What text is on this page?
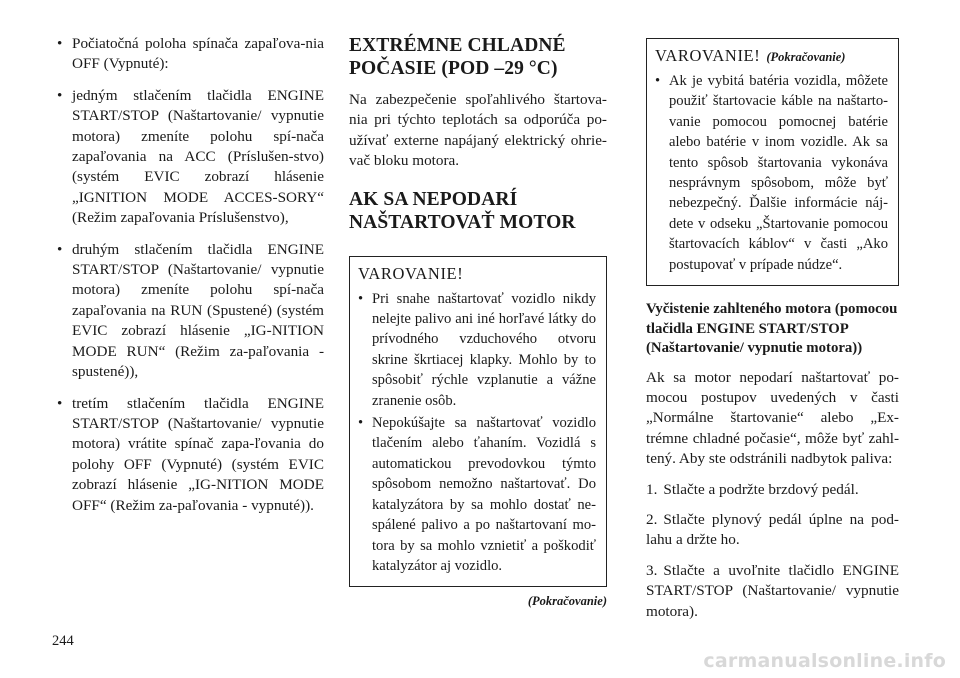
• Počiatočná poloha spínača zapaľova-nia OFF (Vypnuté):
• jedným stlačením tlačidla ENGINE START/STOP (Naštartovanie/ vypnutie motora) zmeníte polohu spí-nača zapaľovania na ACC (Príslušen-stvo) (systém EVIC zobrazí hlásenie „IGNITION MODE ACCES-SORY“ (Režim zapaľovania Príslušenstvo),
• druhým stlačením tlačidla ENGINE START/STOP (Naštartovanie/ vypnutie motora) zmeníte polohu spí-nača zapaľovania na RUN (Spustené) (systém EVIC zobrazí hlásenie „IG-NITION MODE RUN“ (Režim za-paľovania - spustené)),
• tretím stlačením tlačidla ENGINE START/STOP (Naštartovanie/ vypnutie motora) vrátite spínač zapa-ľovania do polohy OFF (Vypnuté) (systém EVIC zobrazí hlásenie „IG-NITION MODE OFF“ (Režim za-paľovania - vypnuté)).
EXTRÉMNE CHLADNÉ
POČASIE (POD –29 °C)

Na zabezpečenie spoľahlivého štartova-nia pri týchto teplotách sa odporúča po-užívať externe napájaný elektrický ohrie-vač bloku motora.

AK SA NEPODARÍ
NAŠTARTOVAŤ MOTOR
VAROVANIE!
• Pri snahe naštartovať vozidlo nikdy nelejte palivo ani iné horľavé látky do prívodného vzduchového otvoru skrine škrtiacej klapky. Mohlo by to spôsobiť rýchle vzplanutie a vážne zranenie osôb.
• Nepokúšajte sa naštartovať vozidlo tlačením alebo ťahaním. Vozidlá s automatickou prevodovkou týmto spôsobom nemožno naštartovať. Do katalyzátora by sa mohlo dostať ne-spálené palivo a po naštartovaní mo-tora by sa mohlo vznietiť a poškodiť katalyzátor aj vozidlo.
(Pokračovanie)
VAROVANIE! (Pokračovanie)
• Ak je vybitá batéria vozidla, môžete použiť štartovacie káble na naštarto-vanie pomocou pomocnej batérie alebo batérie v inom vozidle. Ak sa tento spôsob štartovania vykonáva nesprávnym spôsobom, môže byť nebezpečný. Ďalšie informácie náj-dete v odseku „Štartovanie pomocou štartovacích káblov“ v časti „Ako postupovať v prípade núdze“.
Vyčistenie zahlteného motora (pomocou tlačidla ENGINE START/STOP (Naštartovanie/ vypnutie motora))

Ak sa motor nepodarí naštartovať po-mocou postupov uvedených v časti „Normálne štartovanie“ alebo „Ex-trémne chladné počasie“, môže byť zahl-tený. Aby ste odstránili nadbytok paliva:

1. Stlačte a podržte brzdový pedál.

2. Stlačte plynový pedál úplne na pod-lahu a držte ho.

3. Stlačte a uvoľnite tlačidlo ENGINE START/STOP (Naštartovanie/ vypnutie motora).

244
carmanualsonline.info
